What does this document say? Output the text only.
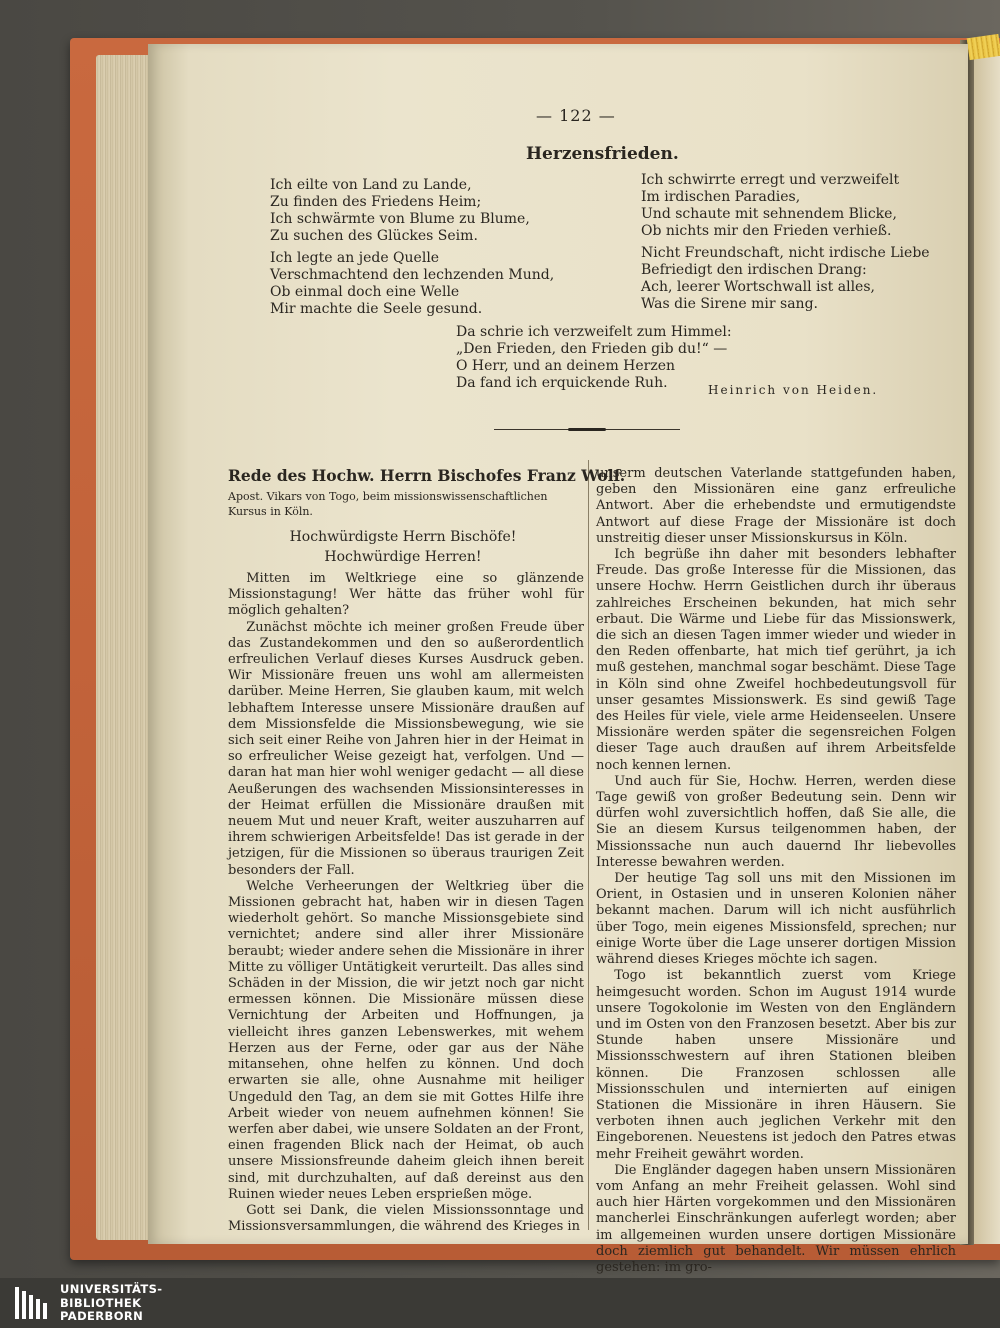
— 122 —
Herzensfrieden.
Ich eilte von Land zu Lande,
Zu finden des Friedens Heim;
Ich schwärmte von Blume zu Blume,
Zu suchen des Glückes Seim.
Ich legte an jede Quelle
Verschmachtend den lechzenden Mund,
Ob einmal doch eine Welle
Mir machte die Seele gesund.
Ich schwirrte erregt und verzweifelt
Im irdischen Paradies,
Und schaute mit sehnendem Blicke,
Ob nichts mir den Frieden verhieß.
Nicht Freundschaft, nicht irdische Liebe
Befriedigt den irdischen Drang:
Ach, leerer Wortschwall ist alles,
Was die Sirene mir sang.
Da schrie ich verzweifelt zum Himmel:
„Den Frieden, den Frieden gib du!“ —
O Herr, und an deinem Herzen
Da fand ich erquickende Ruh.	Heinrich von Heiden.
Rede des Hochw. Herrn Bischofes Franz Wolf.
Apost. Vikars von Togo, beim missionswissenschaftlichen Kursus in Köln.
Hochwürdigste Herrn Bischöfe!
Hochwürdige Herren!

Mitten im Weltkriege eine so glänzende Missionstagung! Wer hätte das früher wohl für möglich gehalten?

Zunächst möchte ich meiner großen Freude über das Zustandekommen und den so außerordentlich erfreulichen Verlauf dieses Kurses Ausdruck geben. Wir Missionäre freuen uns wohl am allermeisten darüber. Meine Herren, Sie glauben kaum, mit welch lebhaftem Interesse unsere Missionäre draußen auf dem Missionsfelde die Missionsbewegung, wie sie sich seit einer Reihe von Jahren hier in der Heimat in so erfreulicher Weise gezeigt hat, verfolgen. Und — daran hat man hier wohl weniger gedacht — all diese Aeußerungen des wachsenden Missionsinteresses in der Heimat erfüllen die Missionäre draußen mit neuem Mut und neuer Kraft, weiter auszuharren auf ihrem schwierigen Arbeitsfelde! Das ist gerade in der jetzigen, für die Missionen so überaus traurigen Zeit besonders der Fall.

Welche Verheerungen der Weltkrieg über die Missionen gebracht hat, haben wir in diesen Tagen wiederholt gehört. So manche Missionsgebiete sind vernichtet; andere sind aller ihrer Missionäre beraubt; wieder andere sehen die Missionäre in ihrer Mitte zu völliger Untätigkeit verurteilt. Das alles sind Schäden in der Mission, die wir jetzt noch gar nicht ermessen können. Die Missionäre müssen diese Vernichtung der Arbeiten und Hoffnungen, ja vielleicht ihres ganzen Lebenswerkes, mit wehem Herzen aus der Ferne, oder gar aus der Nähe mitansehen, ohne helfen zu können. Und doch erwarten sie alle, ohne Ausnahme mit heiliger Ungeduld den Tag, an dem sie mit Gottes Hilfe ihre Arbeit wieder von neuem aufnehmen können! Sie werfen aber dabei, wie unsere Soldaten an der Front, einen fragenden Blick nach der Heimat, ob auch unsere Missionsfreunde daheim gleich ihnen bereit sind, mit durchzuhalten, auf daß dereinst aus den Ruinen wieder neues Leben ersprießen möge.

Gott sei Dank, die vielen Missionssonntage und Missionsversammlungen, die während des Krieges in

unserm deutschen Vaterlande stattgefunden haben, geben den Missionären eine ganz erfreuliche Antwort. Aber die erhebendste und ermutigendste Antwort auf diese Frage der Missionäre ist doch unstreitig dieser unser Missionskursus in Köln.

Ich begrüße ihn daher mit besonders lebhafter Freude. Das große Interesse für die Missionen, das unsere Hochw. Herrn Geistlichen durch ihr überaus zahlreiches Erscheinen bekunden, hat mich sehr erbaut. Die Wärme und Liebe für das Missionswerk, die sich an diesen Tagen immer wieder und wieder in den Reden offenbarte, hat mich tief gerührt, ja ich muß gestehen, manchmal sogar beschämt. Diese Tage in Köln sind ohne Zweifel hochbedeutungsvoll für unser gesamtes Missionswerk. Es sind gewiß Tage des Heiles für viele, viele arme Heidenseelen. Unsere Missionäre werden später die segensreichen Folgen dieser Tage auch draußen auf ihrem Arbeitsfelde noch kennen lernen.

Und auch für Sie, Hochw. Herren, werden diese Tage gewiß von großer Bedeutung sein. Denn wir dürfen wohl zuversichtlich hoffen, daß Sie alle, die Sie an diesem Kursus teilgenommen haben, der Missionssache nun auch dauernd Ihr liebevolles Interesse bewahren werden.

Der heutige Tag soll uns mit den Missionen im Orient, in Ostasien und in unseren Kolonien näher bekannt machen. Darum will ich nicht ausführlich über Togo, mein eigenes Missionsfeld, sprechen; nur einige Worte über die Lage unserer dortigen Mission während dieses Krieges möchte ich sagen.

Togo ist bekanntlich zuerst vom Kriege heimgesucht worden. Schon im August 1914 wurde unsere Togokolonie im Westen von den Engländern und im Osten von den Franzosen besetzt. Aber bis zur Stunde haben unsere Missionäre und Missionsschwestern auf ihren Stationen bleiben können. Die Franzosen schlossen alle Missionsschulen und internierten auf einigen Stationen die Missionäre in ihren Häusern. Sie verboten ihnen auch jeglichen Verkehr mit den Eingeborenen. Neuestens ist jedoch den Patres etwas mehr Freiheit gewährt worden.

Die Engländer dagegen haben unsern Missionären vom Anfang an mehr Freiheit gelassen. Wohl sind auch hier Härten vorgekommen und den Missionären mancherlei Einschränkungen auferlegt worden; aber im allgemeinen wurden unsere dortigen Missionäre doch ziemlich gut behandelt. Wir müssen ehrlich gestehen: im gro-

UNIVERSITÄTS-
BIBLIOTHEK
PADERBORN
